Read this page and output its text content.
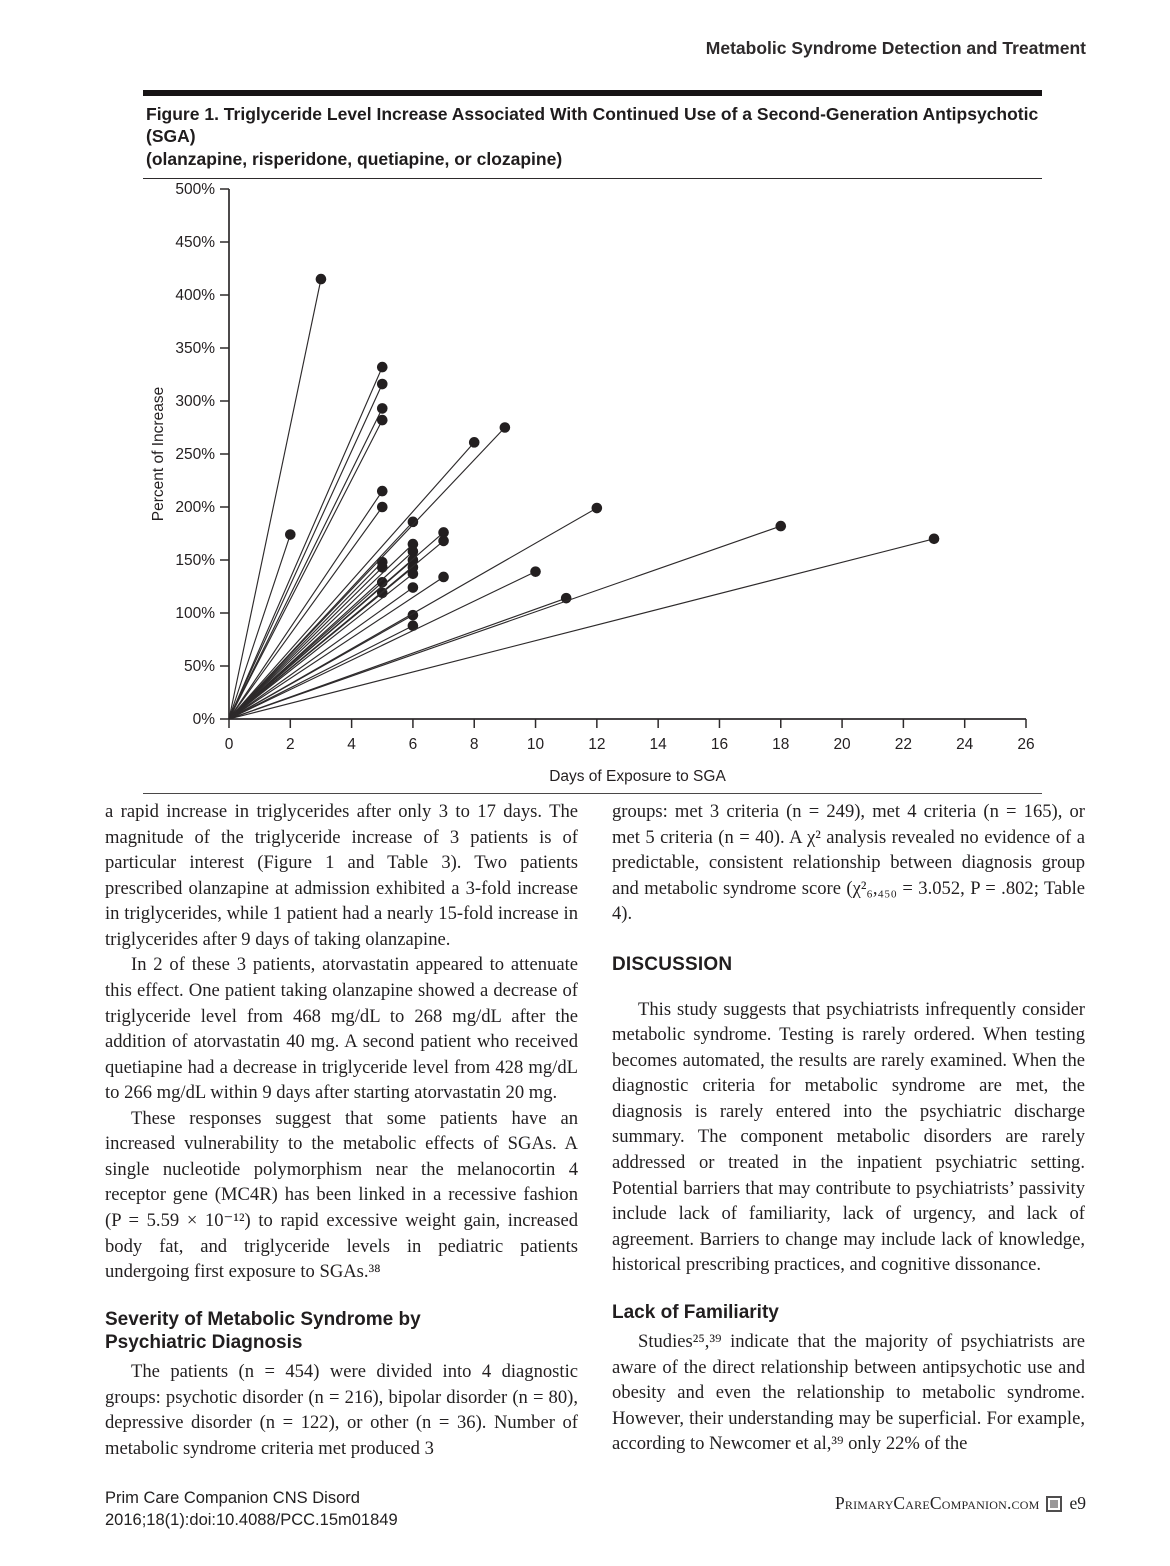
Metabolic Syndrome Detection and Treatment
Figure 1. Triglyceride Level Increase Associated With Continued Use of a Second-Generation Antipsychotic (SGA)
(olanzapine, risperidone, quetiapine, or clozapine)
0%
50%
100%
150%
200%
250%
300%
350%
400%
450%
500%
0	2	4	6	8	10	12	14	16	18	20	22	24	26
Percent of Increase
Days of Exposure to SGA

a rapid increase in triglycerides after only 3 to 17 days. The magnitude of the triglyceride increase of 3 patients is of particular interest (Figure 1 and Table 3). Two patients prescribed olanzapine at admission exhibited a 3-fold increase in triglycerides, while 1 patient had a nearly 15-fold increase in triglycerides after 9 days of taking olanzapine.

In 2 of these 3 patients, atorvastatin appeared to attenuate this effect. One patient taking olanzapine showed a decrease of triglyceride level from 468 mg/dL to 268 mg/dL after the addition of atorvastatin 40 mg. A second patient who received quetiapine had a decrease in triglyceride level from 428 mg/dL to 266 mg/dL within 9 days after starting atorvastatin 20 mg.

These responses suggest that some patients have an increased vulnerability to the metabolic effects of SGAs. A single nucleotide polymorphism near the melanocortin 4 receptor gene (MC4R) has been linked in a recessive fashion (P = 5.59 × 10⁻¹²) to rapid excessive weight gain, increased body fat, and triglyceride levels in pediatric patients undergoing first exposure to SGAs.³⁸

Severity of Metabolic Syndrome by
Psychiatric Diagnosis

The patients (n = 454) were divided into 4 diagnostic groups: psychotic disorder (n = 216), bipolar disorder (n = 80), depressive disorder (n = 122), or other (n = 36). Number of metabolic syndrome criteria met produced 3

groups: met 3 criteria (n = 249), met 4 criteria (n = 165), or met 5 criteria (n = 40). A χ² analysis revealed no evidence of a predictable, consistent relationship between diagnosis group and metabolic syndrome score (χ²₆,₄₅₀ = 3.052, P = .802; Table 4).

DISCUSSION

This study suggests that psychiatrists infrequently consider metabolic syndrome. Testing is rarely ordered. When testing becomes automated, the results are rarely examined. When the diagnostic criteria for metabolic syndrome are met, the diagnosis is rarely entered into the psychiatric discharge summary. The component metabolic disorders are rarely addressed or treated in the inpatient psychiatric setting. Potential barriers that may contribute to psychiatrists’ passivity include lack of familiarity, lack of urgency, and lack of agreement. Barriers to change may include lack of knowledge, historical prescribing practices, and cognitive dissonance.

Lack of Familiarity

Studies²⁵,³⁹ indicate that the majority of psychiatrists are aware of the direct relationship between antipsychotic use and obesity and even the relationship to metabolic syndrome. However, their understanding may be superficial. For example, according to Newcomer et al,³⁹ only 22% of the

Prim Care Companion CNS Disord
2016;18(1):doi:10.4088/PCC.15m01849
PrimaryCareCompanion.com e9
